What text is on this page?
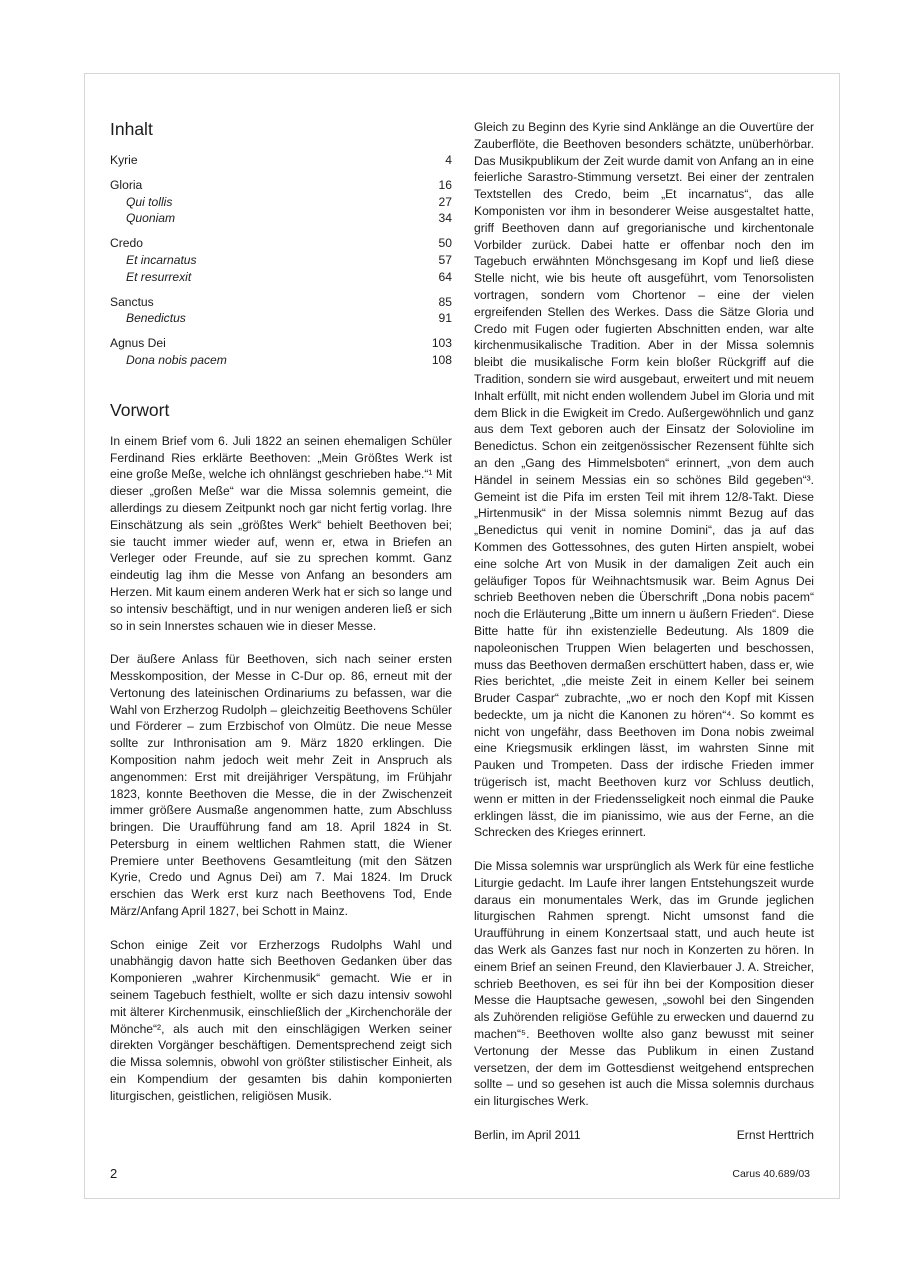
Inhalt
Kyrie	4
Gloria	16
Qui tollis	27
Quoniam	34
Credo	50
Et incarnatus	57
Et resurrexit	64
Sanctus	85
Benedictus	91
Agnus Dei	103
Dona nobis pacem	108
Vorwort

In einem Brief vom 6. Juli 1822 an seinen ehemaligen Schüler Ferdinand Ries erklärte Beethoven: „Mein Größtes Werk ist eine große Meße, welche ich ohnlängst geschrieben habe.“¹ Mit dieser „großen Meße“ war die Missa solemnis gemeint, die allerdings zu diesem Zeitpunkt noch gar nicht fertig vorlag. Ihre Einschätzung als sein „größtes Werk“ behielt Beethoven bei; sie taucht immer wieder auf, wenn er, etwa in Briefen an Verleger oder Freunde, auf sie zu sprechen kommt. Ganz eindeutig lag ihm die Messe von Anfang an besonders am Herzen. Mit kaum einem anderen Werk hat er sich so lange und so intensiv beschäftigt, und in nur wenigen anderen ließ er sich so in sein Innerstes schauen wie in dieser Messe.

Der äußere Anlass für Beethoven, sich nach seiner ersten Messkomposition, der Messe in C-Dur op. 86, erneut mit der Vertonung des lateinischen Ordinariums zu befassen, war die Wahl von Erzherzog Rudolph – gleichzeitig Beethovens Schüler und Förderer – zum Erzbischof von Olmütz. Die neue Messe sollte zur Inthronisation am 9. März 1820 erklingen. Die Komposition nahm jedoch weit mehr Zeit in Anspruch als angenommen: Erst mit dreijähriger Verspätung, im Frühjahr 1823, konnte Beethoven die Messe, die in der Zwischenzeit immer größere Ausmaße angenommen hatte, zum Abschluss bringen. Die Uraufführung fand am 18. April 1824 in St. Petersburg in einem weltlichen Rahmen statt, die Wiener Premiere unter Beethovens Gesamtleitung (mit den Sätzen Kyrie, Credo und Agnus Dei) am 7. Mai 1824. Im Druck erschien das Werk erst kurz nach Beethovens Tod, Ende März/Anfang April 1827, bei Schott in Mainz.

Schon einige Zeit vor Erzherzogs Rudolphs Wahl und unabhängig davon hatte sich Beethoven Gedanken über das Komponieren „wahrer Kirchenmusik“ gemacht. Wie er in seinem Tagebuch festhielt, wollte er sich dazu intensiv sowohl mit älterer Kirchenmusik, einschließlich der „Kirchenchoräle der Mönche“², als auch mit den einschlägigen Werken seiner direkten Vorgänger beschäftigen. Dementsprechend zeigt sich die Missa solemnis, obwohl von größter stilistischer Einheit, als ein Kompendium der gesamten bis dahin komponierten liturgischen, geistlichen, religiösen Musik.

Gleich zu Beginn des Kyrie sind Anklänge an die Ouvertüre der Zauberflöte, die Beethoven besonders schätzte, unüberhörbar. Das Musikpublikum der Zeit wurde damit von Anfang an in eine feierliche Sarastro-Stimmung versetzt. Bei einer der zentralen Textstellen des Credo, beim „Et incarnatus“, das alle Komponisten vor ihm in besonderer Weise ausgestaltet hatte, griff Beethoven dann auf gregorianische und kirchentonale Vorbilder zurück. Dabei hatte er offenbar noch den im Tagebuch erwähnten Mönchsgesang im Kopf und ließ diese Stelle nicht, wie bis heute oft ausgeführt, vom Tenorsolisten vortragen, sondern vom Chortenor – eine der vielen ergreifenden Stellen des Werkes. Dass die Sätze Gloria und Credo mit Fugen oder fugierten Abschnitten enden, war alte kirchenmusikalische Tradition. Aber in der Missa solemnis bleibt die musikalische Form kein bloßer Rückgriff auf die Tradition, sondern sie wird ausgebaut, erweitert und mit neuem Inhalt erfüllt, mit nicht enden wollendem Jubel im Gloria und mit dem Blick in die Ewigkeit im Credo. Außergewöhnlich und ganz aus dem Text geboren auch der Einsatz der Solovioline im Benedictus. Schon ein zeitgenössischer Rezensent fühlte sich an den „Gang des Himmelsboten“ erinnert, „von dem auch Händel in seinem Messias ein so schönes Bild gegeben“³. Gemeint ist die Pifa im ersten Teil mit ihrem 12/8-Takt. Diese „Hirtenmusik“ in der Missa solemnis nimmt Bezug auf das „Benedictus qui venit in nomine Domini“, das ja auf das Kommen des Gottessohnes, des guten Hirten anspielt, wobei eine solche Art von Musik in der damaligen Zeit auch ein geläufiger Topos für Weihnachtsmusik war. Beim Agnus Dei schrieb Beethoven neben die Überschrift „Dona nobis pacem“ noch die Erläuterung „Bitte um innern u äußern Frieden“. Diese Bitte hatte für ihn existenzielle Bedeutung. Als 1809 die napoleonischen Truppen Wien belagerten und beschossen, muss das Beethoven dermaßen erschüttert haben, dass er, wie Ries berichtet, „die meiste Zeit in einem Keller bei seinem Bruder Caspar“ zubrachte, „wo er noch den Kopf mit Kissen bedeckte, um ja nicht die Kanonen zu hören“⁴. So kommt es nicht von ungefähr, dass Beethoven im Dona nobis zweimal eine Kriegsmusik erklingen lässt, im wahrsten Sinne mit Pauken und Trompeten. Dass der irdische Frieden immer trügerisch ist, macht Beethoven kurz vor Schluss deutlich, wenn er mitten in der Friedensseligkeit noch einmal die Pauke erklingen lässt, die im pianissimo, wie aus der Ferne, an die Schrecken des Krieges erinnert.

Die Missa solemnis war ursprünglich als Werk für eine festliche Liturgie gedacht. Im Laufe ihrer langen Entstehungszeit wurde daraus ein monumentales Werk, das im Grunde jeglichen liturgischen Rahmen sprengt. Nicht umsonst fand die Uraufführung in einem Konzertsaal statt, und auch heute ist das Werk als Ganzes fast nur noch in Konzerten zu hören. In einem Brief an seinen Freund, den Klavierbauer J. A. Streicher, schrieb Beethoven, es sei für ihn bei der Komposition dieser Messe die Hauptsache gewesen, „sowohl bei den Singenden als Zuhörenden religiöse Gefühle zu erwecken und dauernd zu machen“⁵. Beethoven wollte also ganz bewusst mit seiner Vertonung der Messe das Publikum in einen Zustand versetzen, der dem im Gottesdienst weitgehend entsprechen sollte – und so gesehen ist auch die Missa solemnis durchaus ein liturgisches Werk.

Berlin, im April 2011	Ernst Herttrich
2	Carus 40.689/03
